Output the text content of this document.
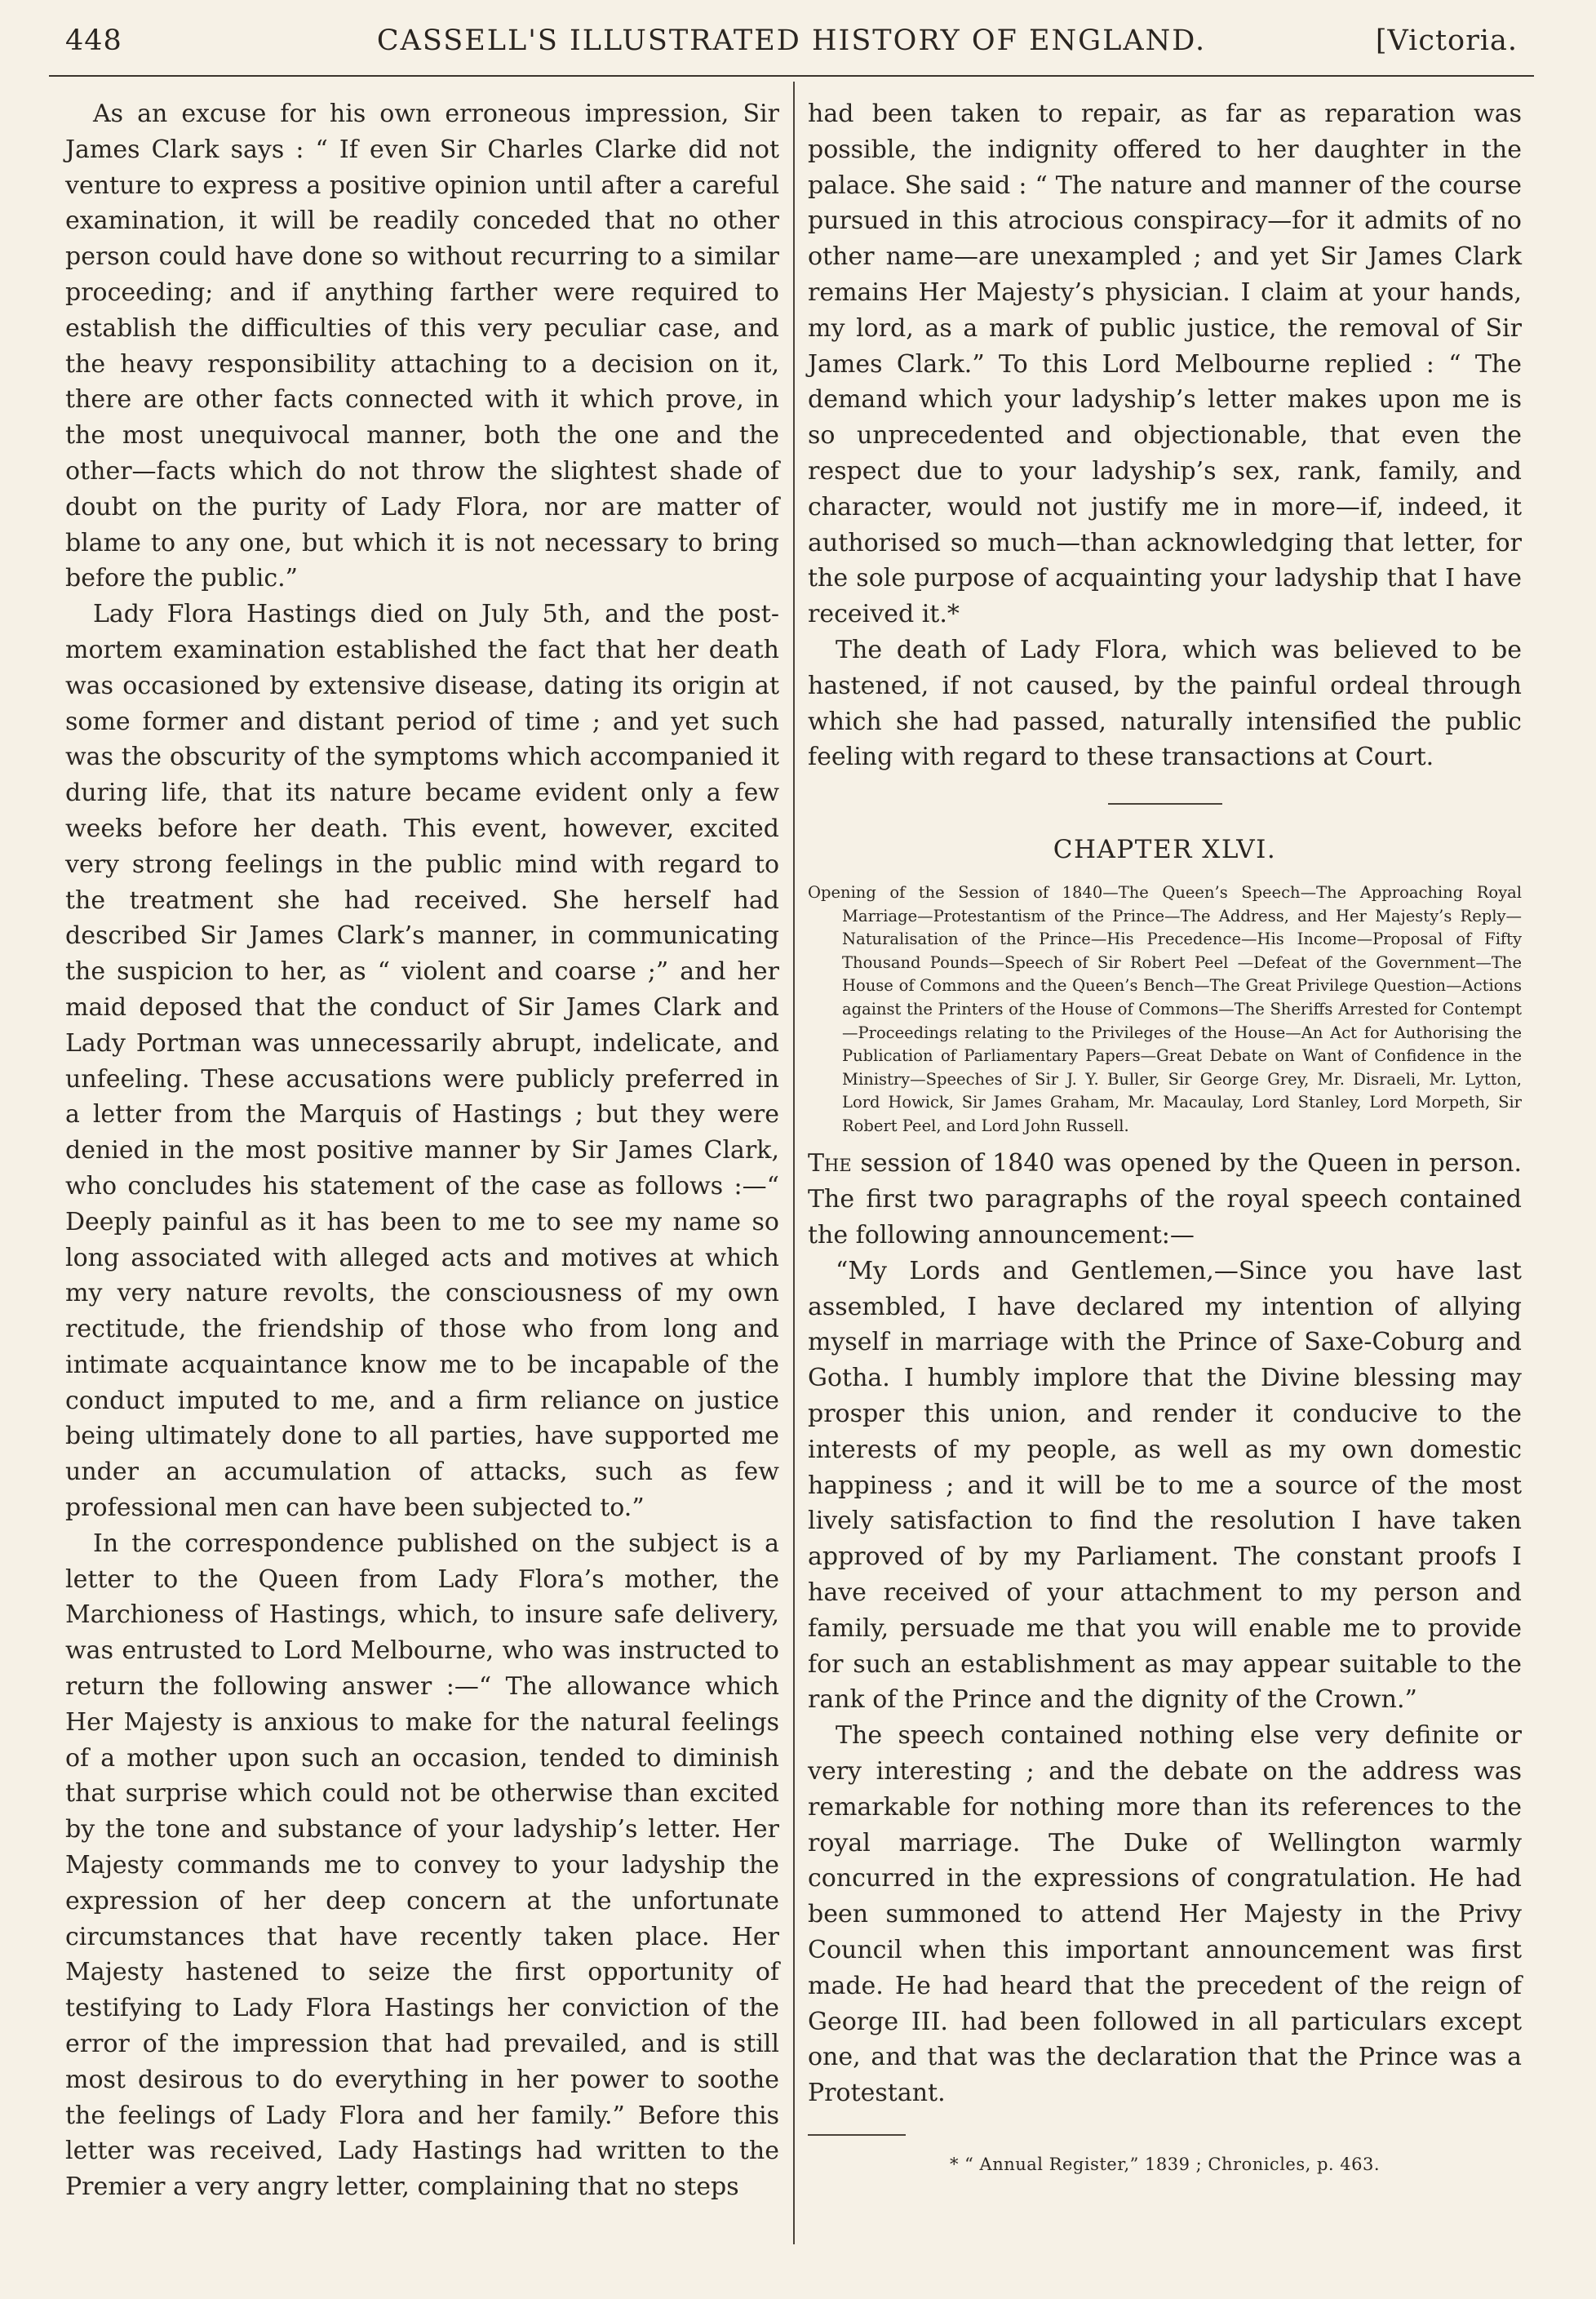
448	CASSELL'S ILLUSTRATED HISTORY OF ENGLAND.	[Victoria.

As an excuse for his own erroneous impression, Sir James Clark says : “ If even Sir Charles Clarke did not venture to express a positive opinion until after a careful examination, it will be readily conceded that no other person could have done so without recurring to a similar proceeding; and if anything farther were required to establish the difficulties of this very peculiar case, and the heavy responsibility attaching to a decision on it, there are other facts connected with it which prove, in the most unequivocal manner, both the one and the other—facts which do not throw the slightest shade of doubt on the purity of Lady Flora, nor are matter of blame to any one, but which it is not necessary to bring before the public.”

Lady Flora Hastings died on July 5th, and the post-mortem examination established the fact that her death was occasioned by extensive disease, dating its origin at some former and distant period of time ; and yet such was the obscurity of the symptoms which accompanied it during life, that its nature became evident only a few weeks before her death. This event, however, excited very strong feelings in the public mind with regard to the treatment she had received. She herself had described Sir James Clark’s manner, in communicating the suspicion to her, as “ violent and coarse ;” and her maid deposed that the conduct of Sir James Clark and Lady Portman was unnecessarily abrupt, indelicate, and unfeeling. These accusations were publicly preferred in a letter from the Marquis of Hastings ; but they were denied in the most positive manner by Sir James Clark, who concludes his statement of the case as follows :—“ Deeply painful as it has been to me to see my name so long associated with alleged acts and motives at which my very nature revolts, the consciousness of my own rectitude, the friendship of those who from long and intimate acquaintance know me to be incapable of the conduct imputed to me, and a firm reliance on justice being ultimately done to all parties, have supported me under an accumulation of attacks, such as few professional men can have been subjected to.”

In the correspondence published on the subject is a letter to the Queen from Lady Flora’s mother, the Marchioness of Hastings, which, to insure safe delivery, was entrusted to Lord Melbourne, who was instructed to return the following answer :—“ The allowance which Her Majesty is anxious to make for the natural feelings of a mother upon such an occasion, tended to diminish that surprise which could not be otherwise than excited by the tone and substance of your ladyship’s letter. Her Majesty commands me to convey to your ladyship the expression of her deep concern at the unfortunate circumstances that have recently taken place. Her Majesty hastened to seize the first opportunity of testifying to Lady Flora Hastings her conviction of the error of the impression that had prevailed, and is still most desirous to do everything in her power to soothe the feelings of Lady Flora and her family.” Before this letter was received, Lady Hastings had written to the Premier a very angry letter, complaining that no steps

had been taken to repair, as far as reparation was possible, the indignity offered to her daughter in the palace. She said : “ The nature and manner of the course pursued in this atrocious conspiracy—for it admits of no other name—are unexampled ; and yet Sir James Clark remains Her Majesty’s physician. I claim at your hands, my lord, as a mark of public justice, the removal of Sir James Clark.” To this Lord Melbourne replied : “ The demand which your ladyship’s letter makes upon me is so unprecedented and objectionable, that even the respect due to your ladyship’s sex, rank, family, and character, would not justify me in more—if, indeed, it authorised so much—than acknowledging that letter, for the sole purpose of acquainting your ladyship that I have received it.*

The death of Lady Flora, which was believed to be hastened, if not caused, by the painful ordeal through which she had passed, naturally intensified the public feeling with regard to these transactions at Court.

CHAPTER XLVI.
Opening of the Session of 1840—The Queen’s Speech—The Approaching Royal Marriage—Protestantism of the Prince—The Address, and Her Majesty’s Reply—Naturalisation of the Prince—His Precedence—His Income—Proposal of Fifty Thousand Pounds—Speech of Sir Robert Peel —Defeat of the Government—The House of Commons and the Queen’s Bench—The Great Privilege Question—Actions against the Printers of the House of Commons—The Sheriffs Arrested for Contempt—Proceedings relating to the Privileges of the House—An Act for Authorising the Publication of Parliamentary Papers—Great Debate on Want of Confidence in the Ministry—Speeches of Sir J. Y. Buller, Sir George Grey, Mr. Disraeli, Mr. Lytton, Lord Howick, Sir James Graham, Mr. Macaulay, Lord Stanley, Lord Morpeth, Sir Robert Peel, and Lord John Russell.

The session of 1840 was opened by the Queen in person. The first two paragraphs of the royal speech contained the following announcement:—

“My Lords and Gentlemen,—Since you have last assembled, I have declared my intention of allying myself in marriage with the Prince of Saxe-Coburg and Gotha. I humbly implore that the Divine blessing may prosper this union, and render it conducive to the interests of my people, as well as my own domestic happiness ; and it will be to me a source of the most lively satisfaction to find the resolution I have taken approved of by my Parliament. The constant proofs I have received of your attachment to my person and family, persuade me that you will enable me to provide for such an establishment as may appear suitable to the rank of the Prince and the dignity of the Crown.”

The speech contained nothing else very definite or very interesting ; and the debate on the address was remarkable for nothing more than its references to the royal marriage. The Duke of Wellington warmly concurred in the expressions of congratulation. He had been summoned to attend Her Majesty in the Privy Council when this important announcement was first made. He had heard that the precedent of the reign of George III. had been followed in all particulars except one, and that was the declaration that the Prince was a Protestant.

* “ Annual Register,” 1839 ; Chronicles, p. 463.
